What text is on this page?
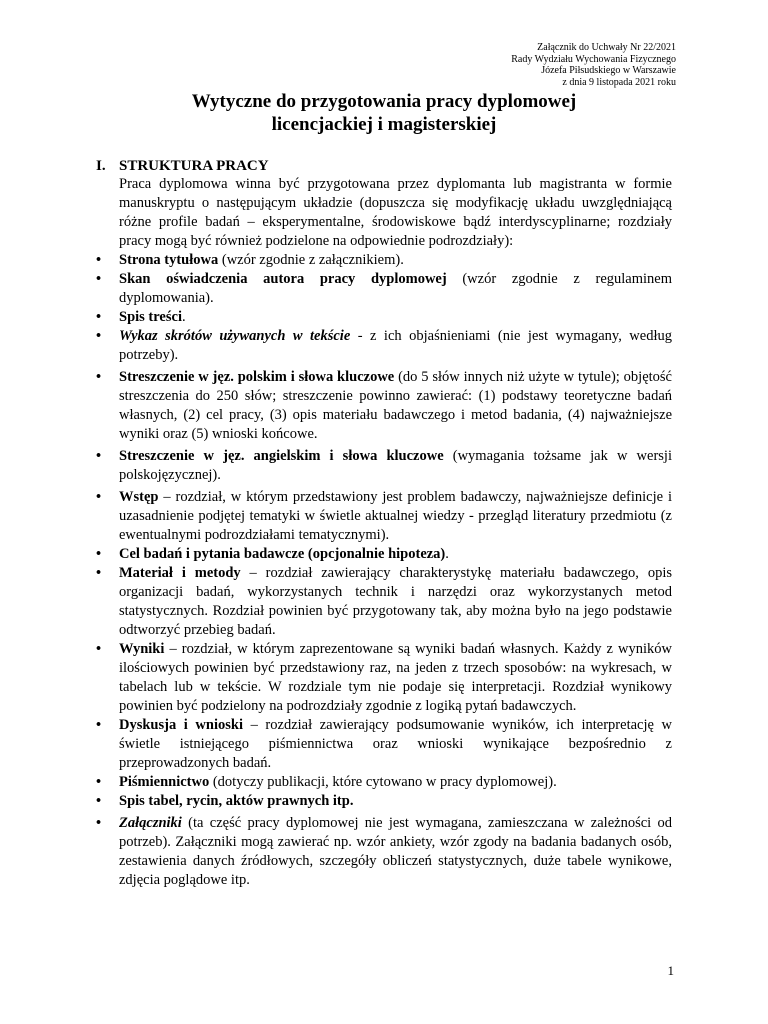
Załącznik do Uchwały Nr 22/2021
Rady Wydziału Wychowania Fizycznego
Józefa Piłsudskiego w Warszawie
z dnia 9 listopada 2021 roku
Wytyczne do przygotowania pracy dyplomowej
licencjackiej i magisterskiej
I. STRUKTURA PRACY
Praca dyplomowa winna być przygotowana przez dyplomanta lub magistranta w formie manuskryptu o następującym układzie (dopuszcza się modyfikację układu uwzględniającą różne profile badań – eksperymentalne, środowiskowe bądź interdyscyplinarne; rozdziały pracy mogą być również podzielone na odpowiednie podrozdziały):
• Strona tytułowa (wzór zgodnie z załącznikiem).
• Skan oświadczenia autora pracy dyplomowej (wzór zgodnie z regulaminem dyplomowania).
• Spis treści.
• Wykaz skrótów używanych w tekście - z ich objaśnieniami (nie jest wymagany, według potrzeby).
• Streszczenie w jęz. polskim i słowa kluczowe (do 5 słów innych niż użyte w tytule); objętość streszczenia do 250 słów; streszczenie powinno zawierać: (1) podstawy teoretyczne badań własnych, (2) cel pracy, (3) opis materiału badawczego i metod badania, (4) najważniejsze wyniki oraz (5) wnioski końcowe.
• Streszczenie w jęz. angielskim i słowa kluczowe (wymagania tożsame jak w wersji polskojęzycznej).
• Wstęp – rozdział, w którym przedstawiony jest problem badawczy, najważniejsze definicje i uzasadnienie podjętej tematyki w świetle aktualnej wiedzy - przegląd literatury przedmiotu (z ewentualnymi podrozdziałami tematycznymi).
• Cel badań i pytania badawcze (opcjonalnie hipoteza).
• Materiał i metody – rozdział zawierający charakterystykę materiału badawczego, opis organizacji badań, wykorzystanych technik i narzędzi oraz wykorzystanych metod statystycznych. Rozdział powinien być przygotowany tak, aby można było na jego podstawie odtworzyć przebieg badań.
• Wyniki – rozdział, w którym zaprezentowane są wyniki badań własnych. Każdy z wyników ilościowych powinien być przedstawiony raz, na jeden z trzech sposobów: na wykresach, w tabelach lub w tekście. W rozdziale tym nie podaje się interpretacji. Rozdział wynikowy powinien być podzielony na podrozdziały zgodnie z logiką pytań badawczych.
• Dyskusja i wnioski – rozdział zawierający podsumowanie wyników, ich interpretację w świetle istniejącego piśmiennictwa oraz wnioski wynikające bezpośrednio z przeprowadzonych badań.
• Piśmiennictwo (dotyczy publikacji, które cytowano w pracy dyplomowej).
• Spis tabel, rycin, aktów prawnych itp.
• Załączniki (ta część pracy dyplomowej nie jest wymagana, zamieszczana w zależności od potrzeb). Załączniki mogą zawierać np. wzór ankiety, wzór zgody na badania badanych osób, zestawienia danych źródłowych, szczegóły obliczeń statystycznych, duże tabele wynikowe, zdjęcia poglądowe itp.
1
